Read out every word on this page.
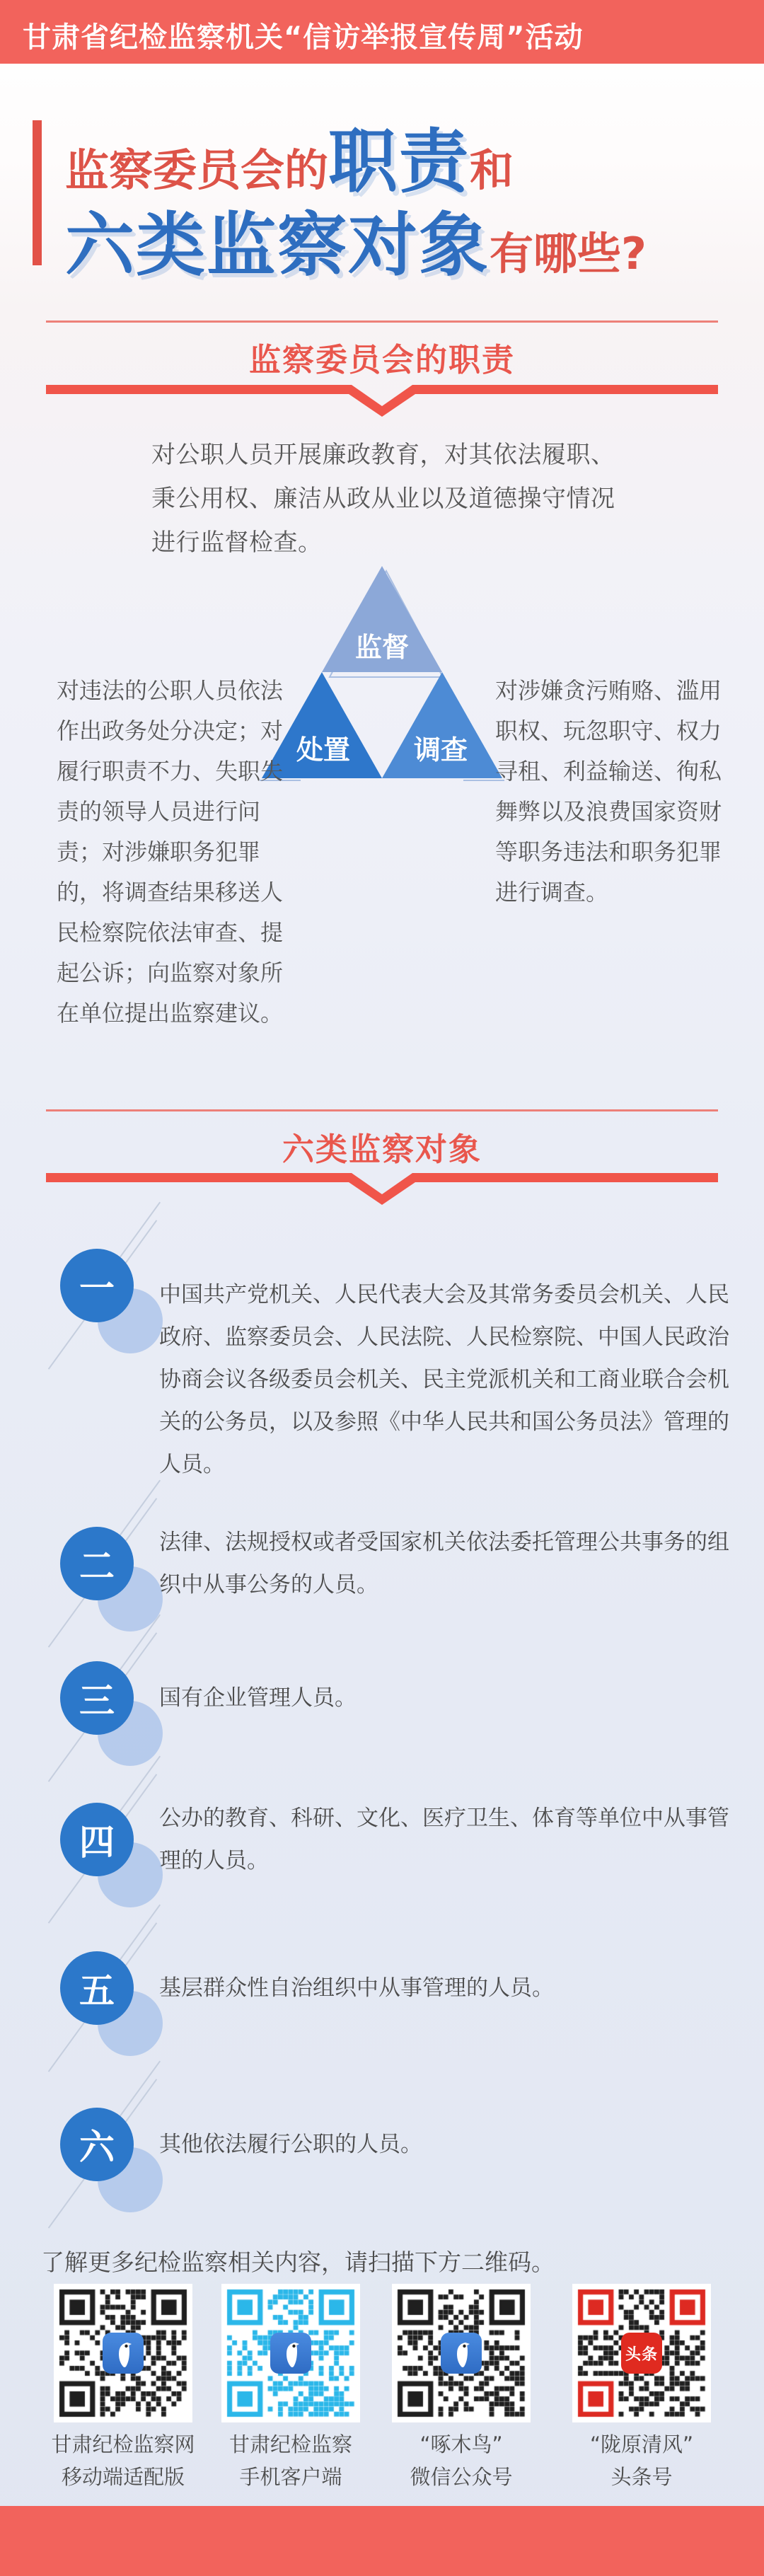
甘肃省纪检监察机关“信访举报宣传周”活动
监察委员会的 职责 和
六类监察对象 有哪些?
监察委员会的职责
对公职人员开展廉政教育，对其依法履职、秉公用权、廉洁从政从业以及道德操守情况进行监督检查。
监督
处置 调查
对违法的公职人员依法作出政务处分决定；对履行职责不力、失职失责的领导人员进行问责；对涉嫌职务犯罪的，将调查结果移送人民检察院依法审查、提起公诉；向监察对象所在单位提出监察建议。
对涉嫌贪污贿赂、滥用职权、玩忽职守、权力寻租、利益输送、徇私舞弊以及浪费国家资财等职务违法和职务犯罪进行调查。
六类监察对象
一	中国共产党机关、人民代表大会及其常务委员会机关、人民政府、监察委员会、人民法院、人民检察院、中国人民政治协商会议各级委员会机关、民主党派机关和工商业联合会机关的公务员，以及参照《中华人民共和国公务员法》管理的人员。
二
法律、法规授权或者受国家机关依法委托管理公共事务的组织中从事公务的人员。
三	国有企业管理人员。
四
公办的教育、科研、文化、医疗卫生、体育等单位中从事管理的人员。
五	基层群众性自治组织中从事管理的人员。
六	其他依法履行公职的人员。
了解更多纪检监察相关内容，请扫描下方二维码。
头条
甘肃纪检监察网
移动端适配版
甘肃纪检监察
手机客户端
“啄木鸟”
微信公众号
“陇原清风”
头条号
